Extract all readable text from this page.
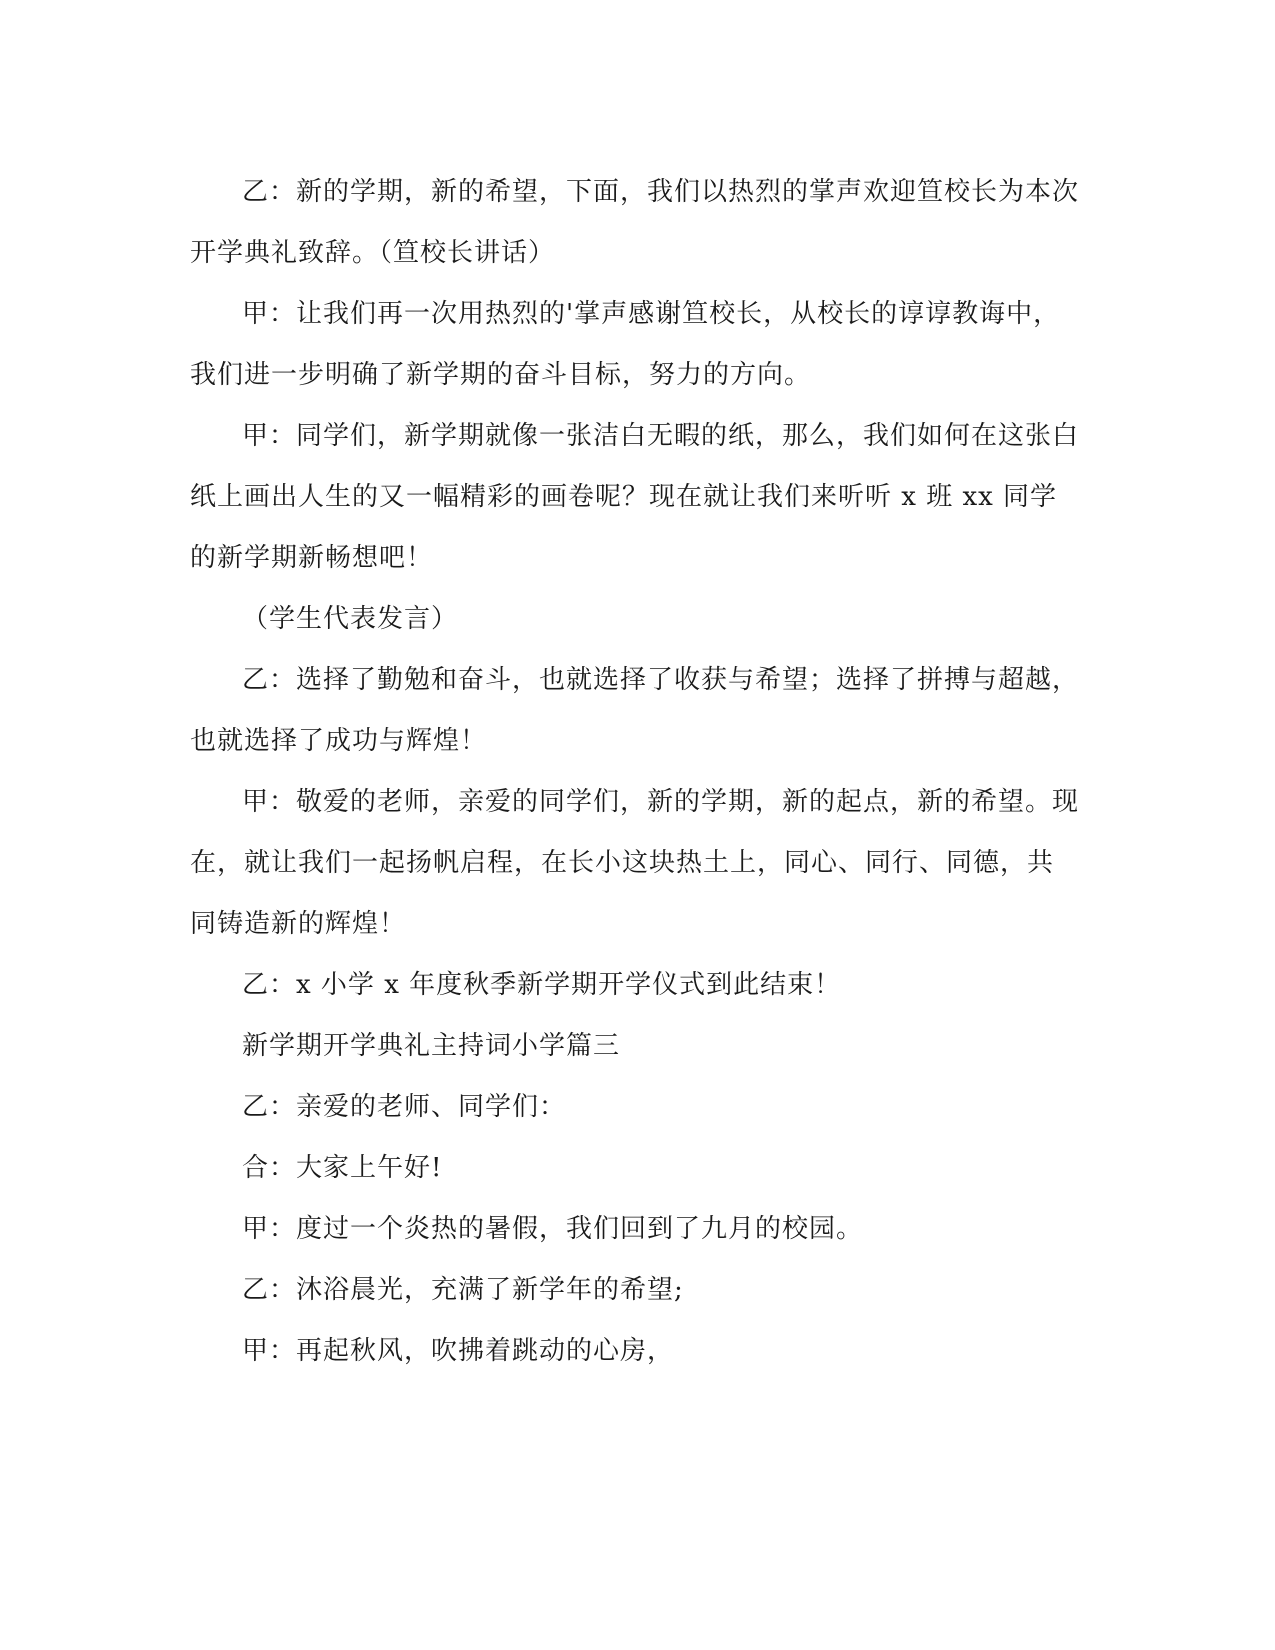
乙：新的学期，新的希望，下面，我们以热烈的掌声欢迎笪校长为本次开学典礼致辞。（笪校长讲话）

甲：让我们再一次用热烈的'掌声感谢笪校长，从校长的谆谆教诲中，我们进一步明确了新学期的奋斗目标，努力的方向。

甲：同学们，新学期就像一张洁白无暇的纸，那么，我们如何在这张白纸上画出人生的又一幅精彩的画卷呢？现在就让我们来听听 x 班 xx 同学的新学期新畅想吧！

（学生代表发言）

乙：选择了勤勉和奋斗，也就选择了收获与希望；选择了拼搏与超越，也就选择了成功与辉煌！

甲：敬爱的老师，亲爱的同学们，新的学期，新的起点，新的希望。现在，就让我们一起扬帆启程，在长小这块热土上，同心、同行、同德，共同铸造新的辉煌！

乙：x 小学 x 年度秋季新学期开学仪式到此结束！

新学期开学典礼主持词小学篇三

乙：亲爱的老师、同学们：

合：大家上午好!

甲：度过一个炎热的暑假，我们回到了九月的校园。

乙：沐浴晨光，充满了新学年的希望;

甲：再起秋风，吹拂着跳动的心房，
